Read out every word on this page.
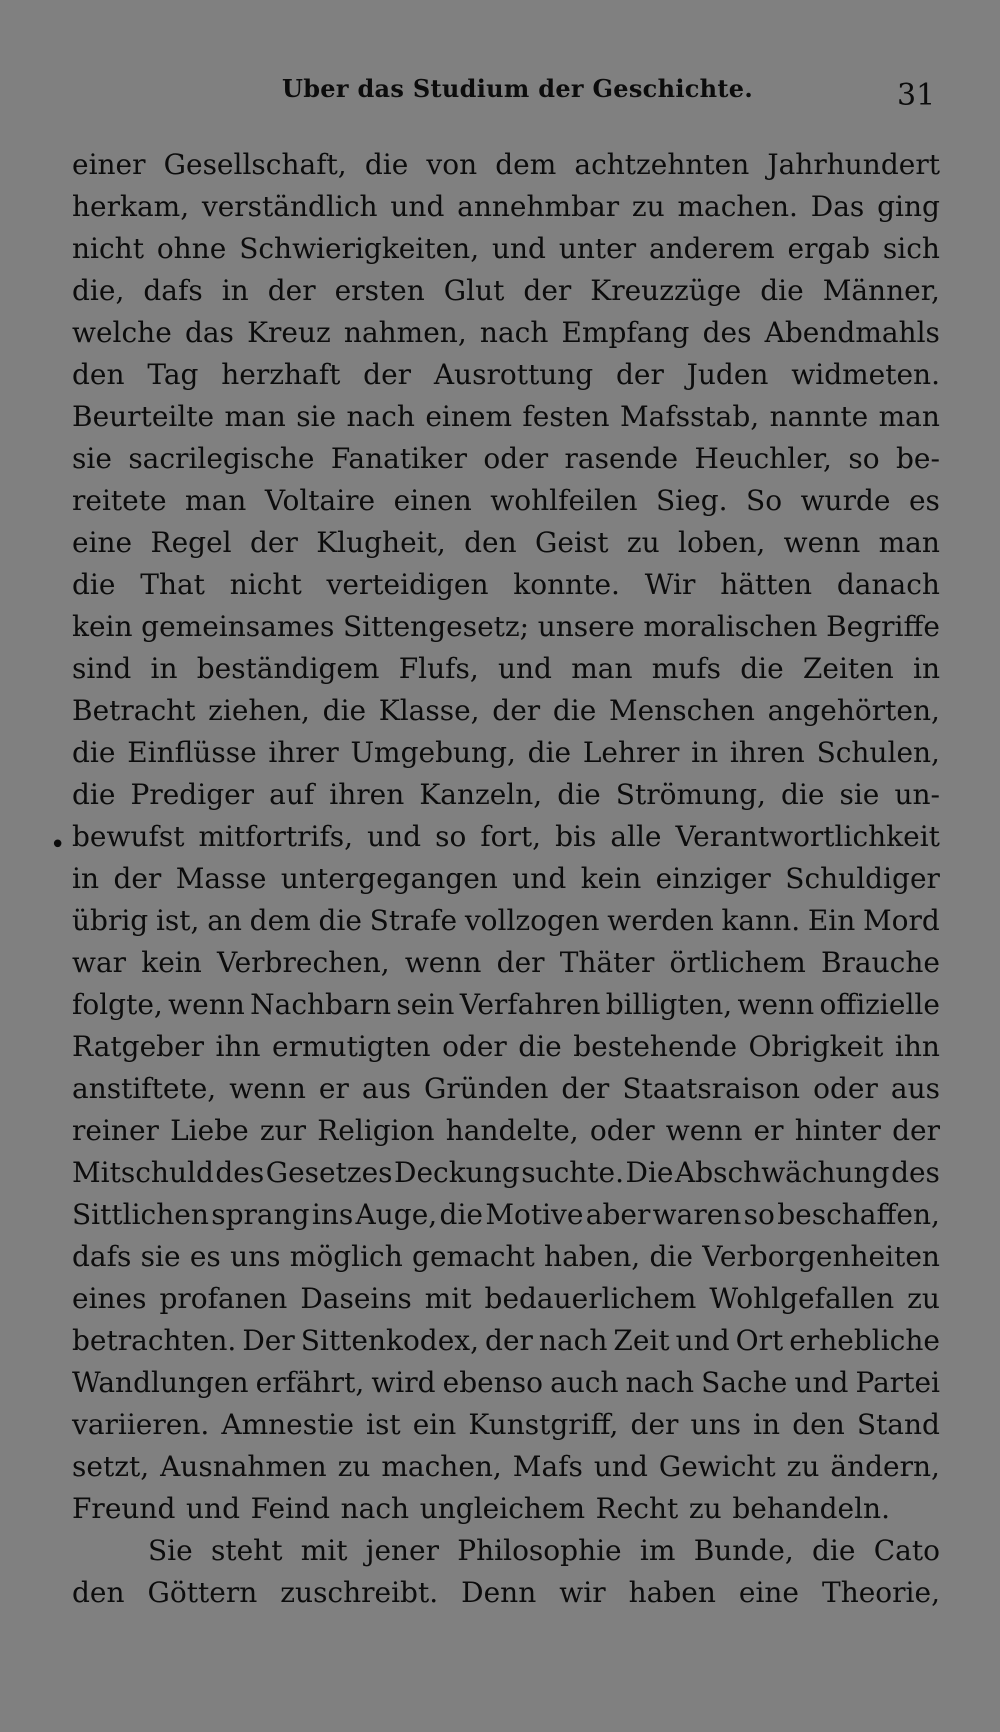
Uber das Studium der Geschichte.	31
•
einer Gesellschaft, die von dem achtzehnten Jahrhundert
herkam, verständlich und annehmbar zu machen. Das ging
nicht ohne Schwierigkeiten, und unter anderem ergab sich
die, dafs in der ersten Glut der Kreuzzüge die Männer,
welche das Kreuz nahmen, nach Empfang des Abendmahls
den Tag herzhaft der Ausrottung der Juden widmeten.
Beurteilte man sie nach einem festen Mafsstab, nannte man
sie sacrilegische Fanatiker oder rasende Heuchler, so be-
reitete man Voltaire einen wohlfeilen Sieg. So wurde es
eine Regel der Klugheit, den Geist zu loben, wenn man
die That nicht verteidigen konnte. Wir hätten danach
kein gemeinsames Sittengesetz; unsere moralischen Begriffe
sind in beständigem Flufs, und man mufs die Zeiten in
Betracht ziehen, die Klasse, der die Menschen angehörten,
die Einflüsse ihrer Umgebung, die Lehrer in ihren Schulen,
die Prediger auf ihren Kanzeln, die Strömung, die sie un-
bewufst mitfortrifs, und so fort, bis alle Verantwortlichkeit
in der Masse untergegangen und kein einziger Schuldiger
übrig ist, an dem die Strafe vollzogen werden kann. Ein Mord
war kein Verbrechen, wenn der Thäter örtlichem Brauche
folgte, wenn Nachbarn sein Verfahren billigten, wenn offizielle
Ratgeber ihn ermutigten oder die bestehende Obrigkeit ihn
anstiftete, wenn er aus Gründen der Staatsraison oder aus
reiner Liebe zur Religion handelte, oder wenn er hinter der
Mitschuld des Gesetzes Deckung suchte. Die Abschwächung des
Sittlichen sprang ins Auge, die Motive aber waren so beschaffen,
dafs sie es uns möglich gemacht haben, die Verborgenheiten
eines profanen Daseins mit bedauerlichem Wohlgefallen zu
betrachten. Der Sittenkodex, der nach Zeit und Ort erhebliche
Wandlungen erfährt, wird ebenso auch nach Sache und Partei
variieren. Amnestie ist ein Kunstgriff, der uns in den Stand
setzt, Ausnahmen zu machen, Mafs und Gewicht zu ändern,
Freund und Feind nach ungleichem Recht zu behandeln.
Sie steht mit jener Philosophie im Bunde, die Cato
den Göttern zuschreibt. Denn wir haben eine Theorie,
